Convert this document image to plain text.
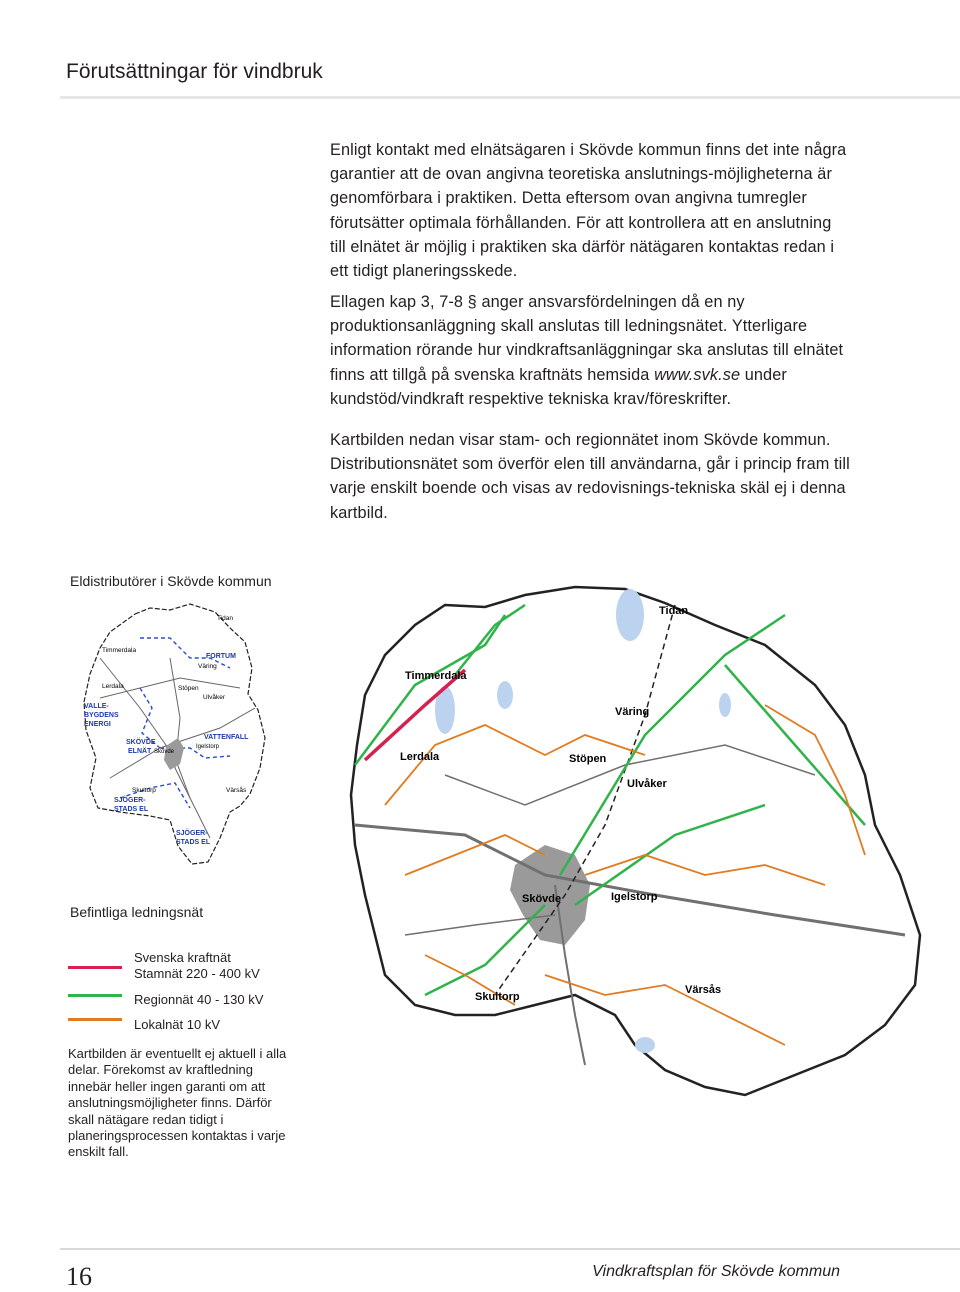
Förutsättningar för vindbruk

Enligt kontakt med elnätsägaren i Skövde kommun finns det inte några garantier att de ovan angivna teoretiska anslutnings-möjligheterna är genomförbara i praktiken. Detta eftersom ovan angivna tumregler förutsätter optimala förhållanden. För att kontrollera att en anslutning till elnätet är möjlig i praktiken ska därför nätägaren kontaktas redan i ett tidigt planeringsskede.

Ellagen kap 3, 7-8 § anger ansvarsfördelningen då en ny produktionsanläggning skall anslutas till ledningsnätet. Ytterligare information rörande hur vindkraftsanläggningar ska anslutas till elnätet finns att tillgå på svenska kraftnäts hemsida www.svk.se under kundstöd/vindkraft respektive tekniska krav/föreskrifter.

Kartbilden nedan visar stam- och regionnätet inom Skövde kommun. Distributionsnätet som överför elen till användarna, går i princip fram till varje enskilt boende och visas av redovisnings-tekniska skäl ej i denna kartbild.

Eldistributörer i Skövde kommun
Tidan
Timmerdala
FORTUM
Väring
Lerdala	Stöpen
Ulvåker
VALLE-
BYGDENS
ENERGI
VATTENFALL
SKÖVDE
ELNÄT Skövde
Igelstorp
Skultorp	Värsås
SJÖGER-
STADS EL
SJÖGER-
STADS EL
Befintliga ledningsnät
Svenska kraftnät
Stamnät 220 - 400 kV
Regionnät 40 - 130 kV
Lokalnät 10 kV
Kartbilden är eventuellt ej aktuell i alla delar. Förekomst av kraftledning innebär heller ingen garanti om att anslutningsmöjligheter finns. Därför skall nätägare redan tidigt i planeringsprocessen kontaktas i varje enskilt fall.
Tidan
Timmerdala
Väring
Lerdala	Stöpen
Ulvåker
Skövde	Igelstorp
Skultorp
Värsås
16	Vindkraftsplan för Skövde kommun
